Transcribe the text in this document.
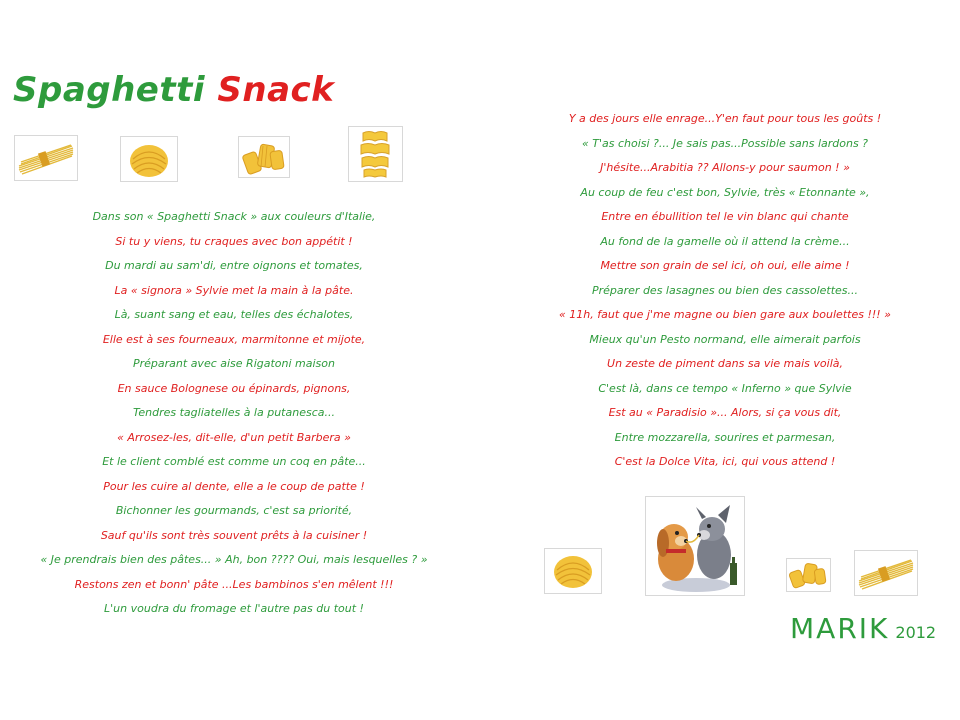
Spaghetti Snack
Dans son « Spaghetti Snack » aux couleurs d'Italie,
Si tu y viens, tu craques avec bon appétit !
Du mardi au sam'di, entre oignons et tomates,
La « signora » Sylvie met la main à la pâte.
Là, suant sang et eau, telles des échalotes,
Elle est à ses fourneaux, marmitonne et mijote,
Préparant avec aise Rigatoni maison
En sauce Bolognese ou épinards, pignons,
Tendres tagliatelles à la putanesca...
« Arrosez-les, dit-elle, d'un petit Barbera »
Et le client comblé est comme un coq en pâte...
Pour les cuire al dente, elle a le coup de patte !
Bichonner les gourmands, c'est sa priorité,
Sauf qu'ils sont très souvent prêts à la cuisiner !
« Je prendrais bien des pâtes... » Ah, bon ???? Oui, mais lesquelles ? »
Restons zen et bonn' pâte ...Les bambinos s'en mêlent !!!
L'un voudra du fromage et l'autre pas du tout !
Y a des jours elle enrage...Y'en faut pour tous les goûts !
« T'as choisi ?... Je sais pas...Possible sans lardons ?
J'hésite...Arabitia ?? Allons-y pour saumon ! »
Au coup de feu c'est bon, Sylvie, très « Etonnante »,
Entre en ébullition tel le vin blanc qui chante
Au fond de la gamelle où il attend la crème...
Mettre son grain de sel ici, oh oui, elle aime !
Préparer des lasagnes ou bien des cassolettes...
« 11h, faut que j'me magne ou bien gare aux boulettes !!! »
Mieux qu'un Pesto normand, elle aimerait parfois
Un zeste de piment dans sa vie mais voilà,
C'est là, dans ce tempo « Inferno » que Sylvie
Est au « Paradisio »... Alors, si ça vous dit,
Entre mozzarella, sourires et parmesan,
C'est la Dolce Vita, ici, qui vous attend !
MARIK 2012
